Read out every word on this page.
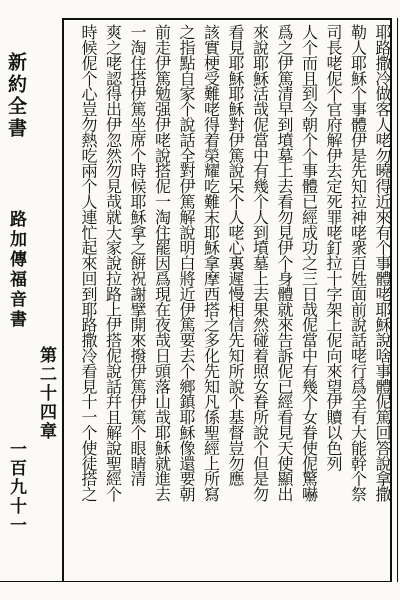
新約全書
路加傳福音書
第二十四章
一百九十一	耶路撒冷做客人咾勿曉得近來有个事體咾耶穌說啥事體伲篤回答說拿撒
勒人耶穌个事體伊是先知拉神咾衆百姓面前說話咾行爲全有大能幹个祭
司長咾伲个官府解伊去定死罪咾釘拉十字架上伲向來望伊贖以色列
人个而且到今朝个个事體已經成功之三日哉伲當中有幾个女眷使伲驚嚇
爲之伊篤清早到墳墓上去看勿見伊个身體就來告訴伲已經看見天使顯出
來說耶穌活哉伲當中有幾个人到墳墓上去果然碰着照女眷所說个但是勿
看見耶穌耶穌對伊篤說呆个人咾心裏遲慢相信先知所說个基督豈勿應
該實梗受難咾得着榮耀吃難末耶穌拿摩西搭之多化先知凡係聖經上所寫
之指點自家个說話全對伊篤解說明白將近伊篤要去个鄉鎮耶穌像還要朝
前走伊篤勉强伊咾說搭伲一淘住罷因爲現在夜哉日頭落山哉耶穌就進去
一淘住搭伊篤坐席个時候耶穌拿之餅祝謝擘開來撥伊篤伊篤个眼睛清
爽之咾認得出伊忽然勿見哉就大家說拉路上伊搭伲說話幷且解說聖經个
時候伲个心豈勿熱吃兩个人連忙起來回到耶路撒冷看見十一个使徒搭之
